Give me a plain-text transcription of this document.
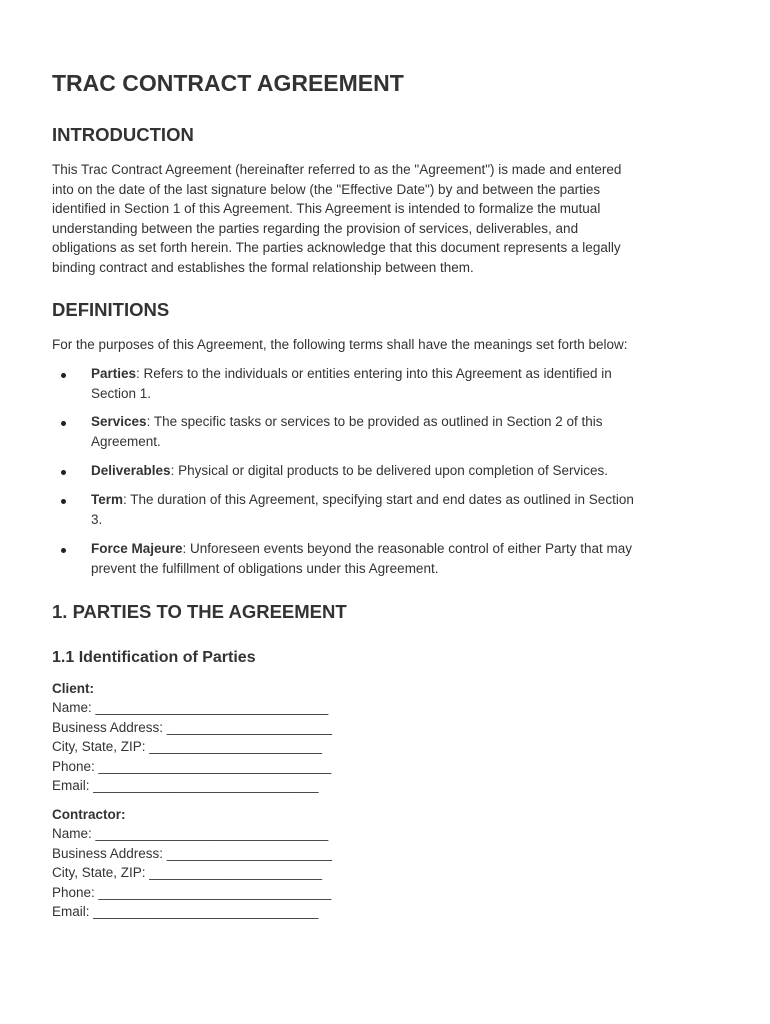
TRAC CONTRACT AGREEMENT
INTRODUCTION
This Trac Contract Agreement (hereinafter referred to as the "Agreement") is made and entered
into on the date of the last signature below (the "Effective Date") by and between the parties
identified in Section 1 of this Agreement. This Agreement is intended to formalize the mutual
understanding between the parties regarding the provision of services, deliverables, and
obligations as set forth herein. The parties acknowledge that this document represents a legally
binding contract and establishes the formal relationship between them.
DEFINITIONS
For the purposes of this Agreement, the following terms shall have the meanings set forth below:
Parties: Refers to the individuals or entities entering into this Agreement as identified in
Section 1.
Services: The specific tasks or services to be provided as outlined in Section 2 of this
Agreement.
Deliverables: Physical or digital products to be delivered upon completion of Services.
Term: The duration of this Agreement, specifying start and end dates as outlined in Section
3.
Force Majeure: Unforeseen events beyond the reasonable control of either Party that may
prevent the fulfillment of obligations under this Agreement.
1. PARTIES TO THE AGREEMENT
1.1 Identification of Parties
Client:
Name: _______________________________
Business Address: ______________________
City, State, ZIP: _______________________
Phone: _______________________________
Email: ______________________________
Contractor:
Name: _______________________________
Business Address: ______________________
City, State, ZIP: _______________________
Phone: _______________________________
Email: ______________________________
